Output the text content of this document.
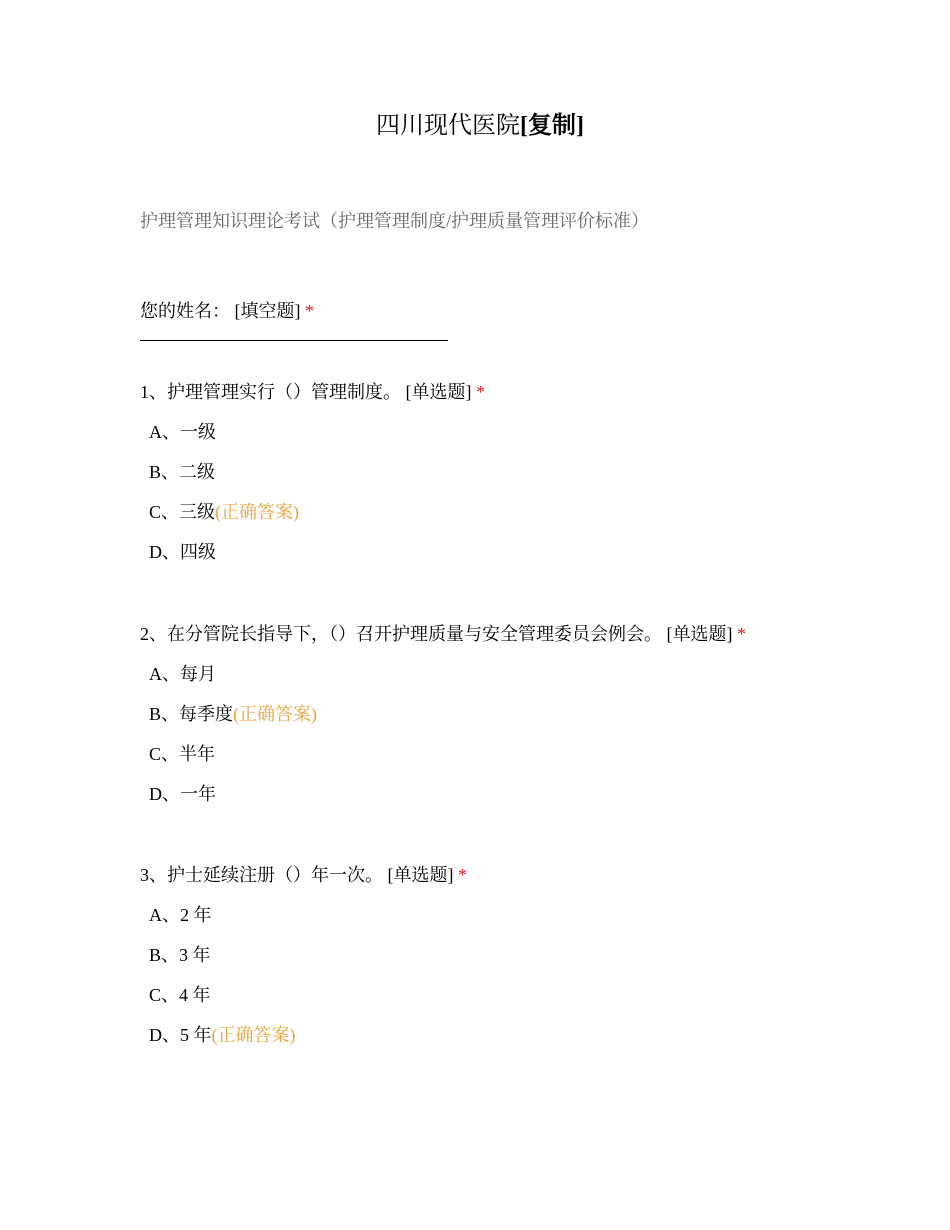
四川现代医院[复制]
护理管理知识理论考试（护理管理制度/护理质量管理评价标准）
您的姓名： [填空题] *
1、护理管理实行（）管理制度。 [单选题] *
A、一级
B、二级
C、三级(正确答案)
D、四级
2、在分管院长指导下，（）召开护理质量与安全管理委员会例会。 [单选题] *
A、每月
B、每季度(正确答案)
C、半年
D、一年
3、护士延续注册（）年一次。 [单选题] *
A、2 年
B、3 年
C、4 年
D、5 年(正确答案)
